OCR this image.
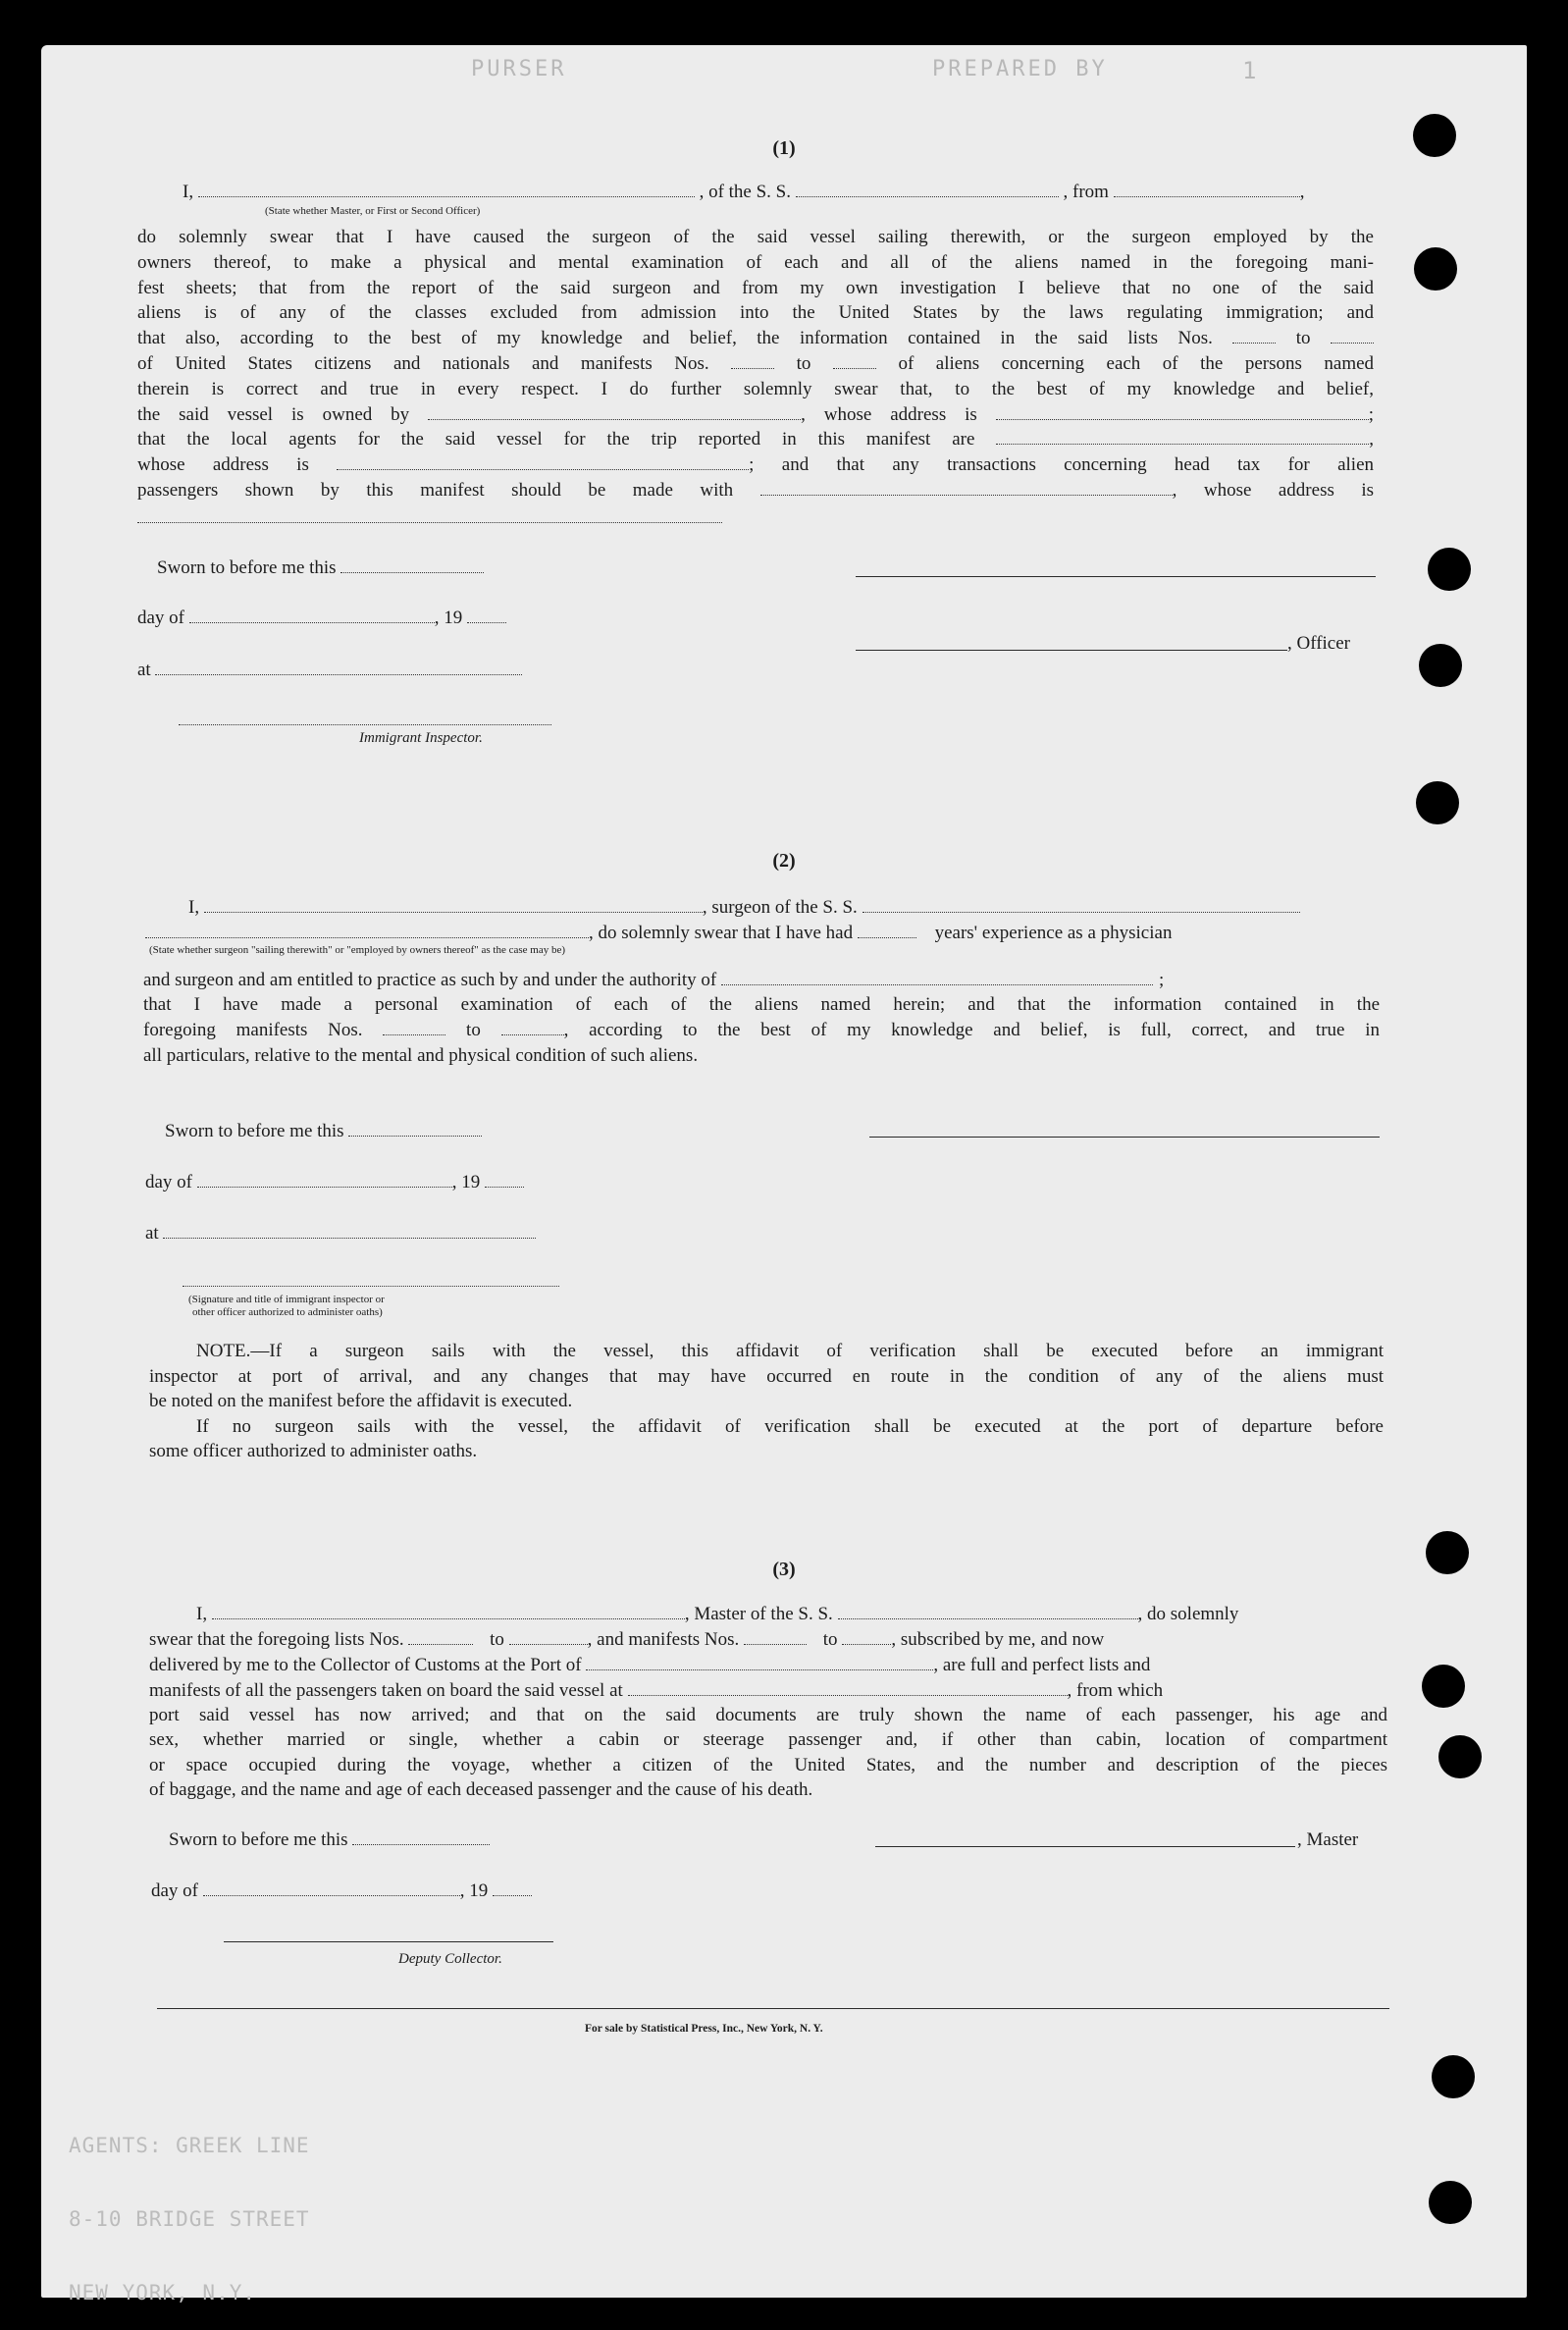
PREPARED BY
PURSER	1

AGENTS: GREEK LINE

8-10 BRIDGE STREET

NEW YORK, N.Y.

(1)
I,	, of the S. S.	, from	,
(State whether Master, or First or Second Officer)
do solemnly swear that I have caused the surgeon of the said vessel sailing therewith, or the surgeon employed by the
owners thereof, to make a physical and mental examination of each and all of the aliens named in the foregoing mani-
fest sheets; that from the report of the said surgeon and from my own investigation I believe that no one of the said
aliens is of any of the classes excluded from admission into the United States by the laws regulating immigration; and
that also, according to the best of my knowledge and belief, the information contained in the said lists Nos.	to
of United States citizens and nationals and manifests Nos.	to	of aliens concerning each of the persons named
therein is correct and true in every respect. I do further solemnly swear that, to the best of my knowledge and belief,
the said vessel is owned by	, whose address is	;
that the local agents for the said vessel for the trip reported in this manifest are	,
whose address is	; and that any transactions concerning head tax for alien
passengers shown by this manifest should be made with	, whose address is
Sworn to before me this
day of	, 19
, Officer
at
Immigrant Inspector.
(2)
I,	, surgeon of the S. S.
, do solemnly swear that I have had	years' experience as a physician
(State whether surgeon "sailing therewith" or "employed by owners thereof" as the case may be)
and surgeon and am entitled to practice as such by and under the authority of	;
that I have made a personal examination of each of the aliens named herein; and that the information contained in the
foregoing manifests Nos.	to	, according to the best of my knowledge and belief, is full, correct, and true in
all particulars, relative to the mental and physical condition of such aliens.
Sworn to before me this
day of	, 19
at
(Signature and title of immigrant inspector or
other officer authorized to administer oaths)
NOTE.—If a surgeon sails with the vessel, this affidavit of verification shall be executed before an immigrant
inspector at port of arrival, and any changes that may have occurred en route in the condition of any of the aliens must
be noted on the manifest before the affidavit is executed.
If no surgeon sails with the vessel, the affidavit of verification shall be executed at the port of departure before
some officer authorized to administer oaths.
(3)
I,	, Master of the S. S.	, do solemnly
swear that the foregoing lists Nos.	to	, and manifests Nos.	to	, subscribed by me, and now
delivered by me to the Collector of Customs at the Port of	, are full and perfect lists and
manifests of all the passengers taken on board the said vessel at	, from which
port said vessel has now arrived; and that on the said documents are truly shown the name of each passenger, his age and
sex, whether married or single, whether a cabin or steerage passenger and, if other than cabin, location of compartment
or space occupied during the voyage, whether a citizen of the United States, and the number and description of the pieces
of baggage, and the name and age of each deceased passenger and the cause of his death.
Sworn to before me this	, Master
day of	, 19
Deputy Collector.
For sale by Statistical Press, Inc., New York, N. Y.
